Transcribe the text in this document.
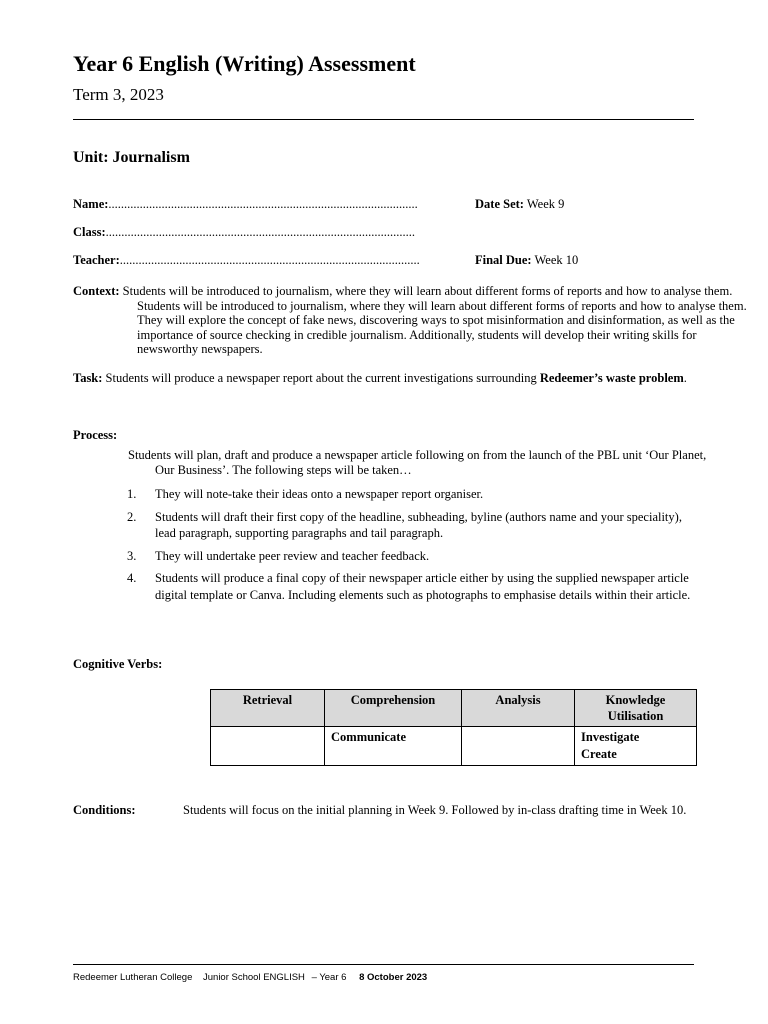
Year 6 English (Writing) Assessment
Term 3, 2023
Unit: Journalism
Name:...................................................................................................	Date Set: Week 9
Class:...................................................................................................
Teacher:................................................................................................	Final Due: Week 10
Context: Students will be introduced to journalism, where they will learn about different forms of reports and how to analyse them. Students will be introduced to journalism, where they will learn about different forms of reports and how to analyse them. They will explore the concept of fake news, discovering ways to spot misinformation and disinformation, as well as the importance of source checking in credible journalism. Additionally, students will develop their writing skills for newsworthy newspapers.
Task: Students will produce a newspaper report about the current investigations surrounding Redeemer’s waste problem.
Process:
Students will plan, draft and produce a newspaper article following on from the launch of the PBL unit ‘Our Planet, Our Business’. The following steps will be taken…
1. They will note-take their ideas onto a newspaper report organiser.
2. Students will draft their first copy of the headline, subheading, byline (authors name and your speciality), lead paragraph, supporting paragraphs and tail paragraph.
3. They will undertake peer review and teacher feedback.
4. Students will produce a final copy of their newspaper article either by using the supplied newspaper article digital template or Canva. Including elements such as photographs to emphasise details within their article.
Cognitive Verbs:
Retrieval	Comprehension	Analysis	Knowledge Utilisation
	Communicate		Investigate
Create
Conditions:	Students will focus on the initial planning in Week 9. Followed by in-class drafting time in Week 10.
Redeemer Lutheran College Junior School ENGLISH – Year 6 8 October 2023
